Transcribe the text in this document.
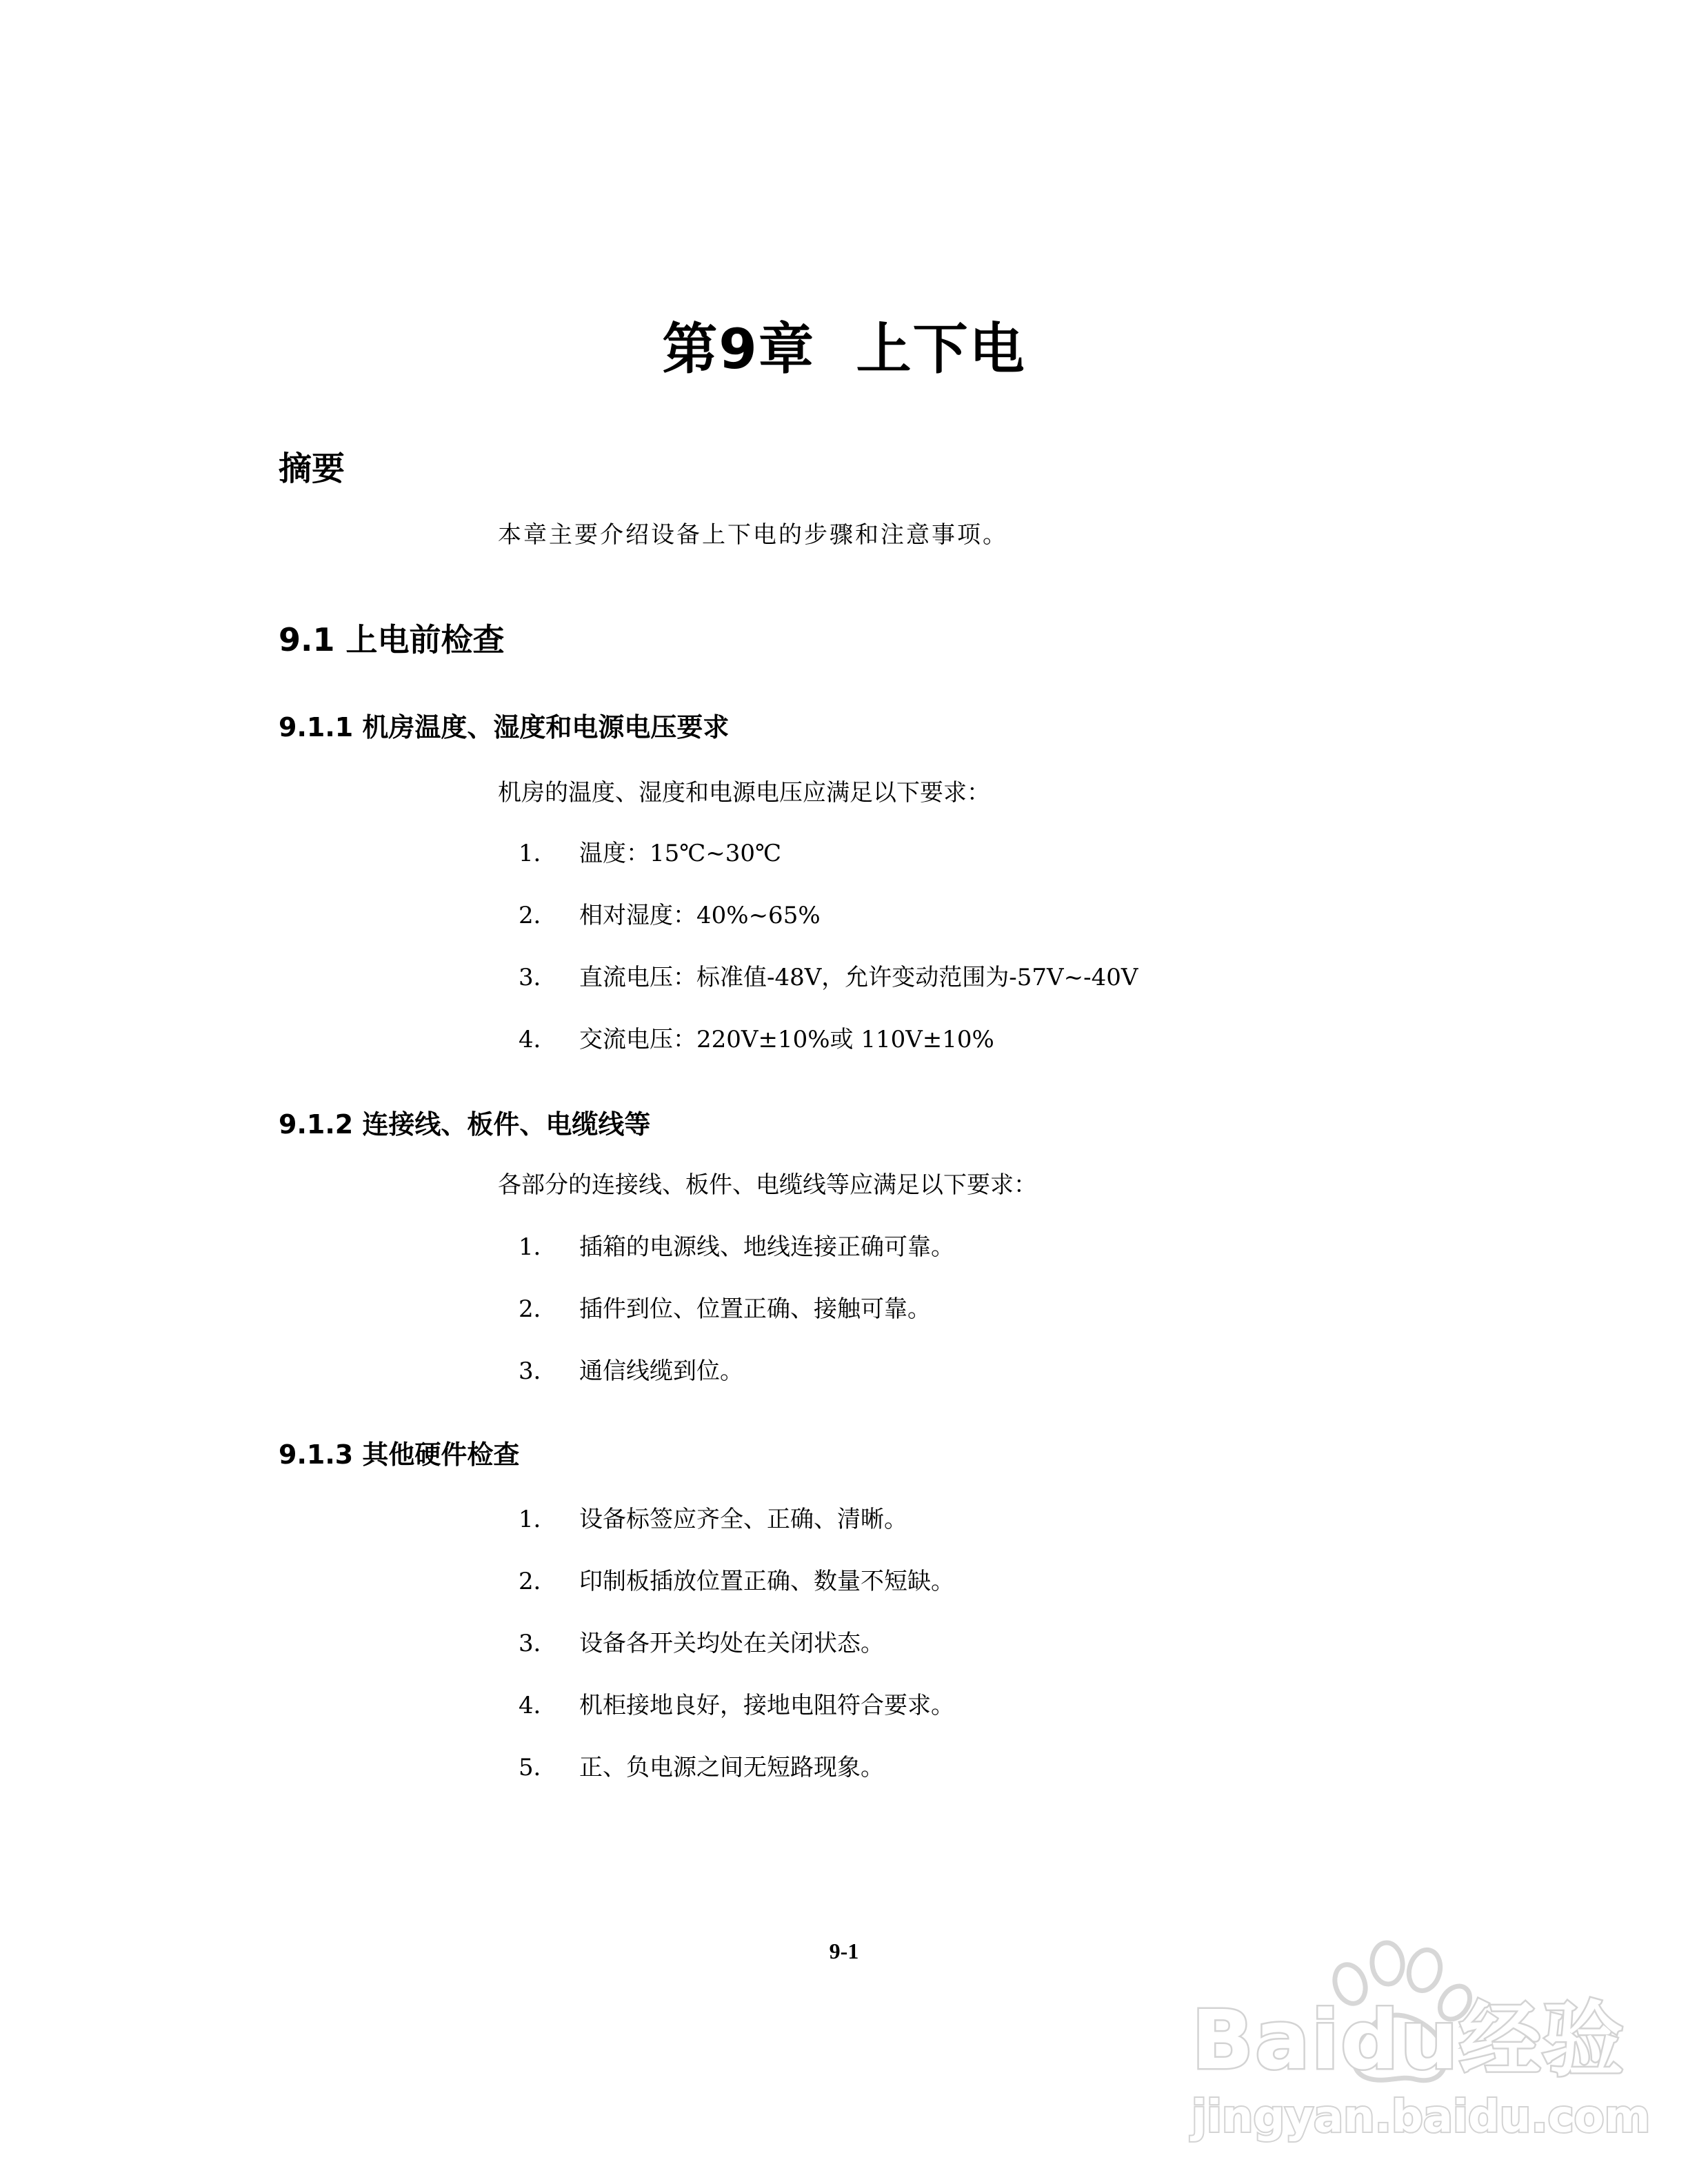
第9章  上下电
摘要
本章主要介绍设备上下电的步骤和注意事项。
9.1 上电前检查
9.1.1 机房温度、湿度和电源电压要求
机房的温度、湿度和电源电压应满足以下要求：
1． 温度：15℃~30℃
2． 相对湿度：40%~65%
3． 直流电压：标准值-48V，允许变动范围为-57V~-40V
4． 交流电压：220V±10%或 110V±10%
9.1.2 连接线、板件、电缆线等
各部分的连接线、板件、电缆线等应满足以下要求：
1． 插箱的电源线、地线连接正确可靠。
2． 插件到位、位置正确、接触可靠。
3． 通信线缆到位。
9.1.3 其他硬件检查
1． 设备标签应齐全、正确、清晰。
2． 印制板插放位置正确、数量不短缺。
3． 设备各开关均处在关闭状态。
4． 机柜接地良好，接地电阻符合要求。
5． 正、负电源之间无短路现象。
9-1
Baidu经验
jingyan.baidu.com
